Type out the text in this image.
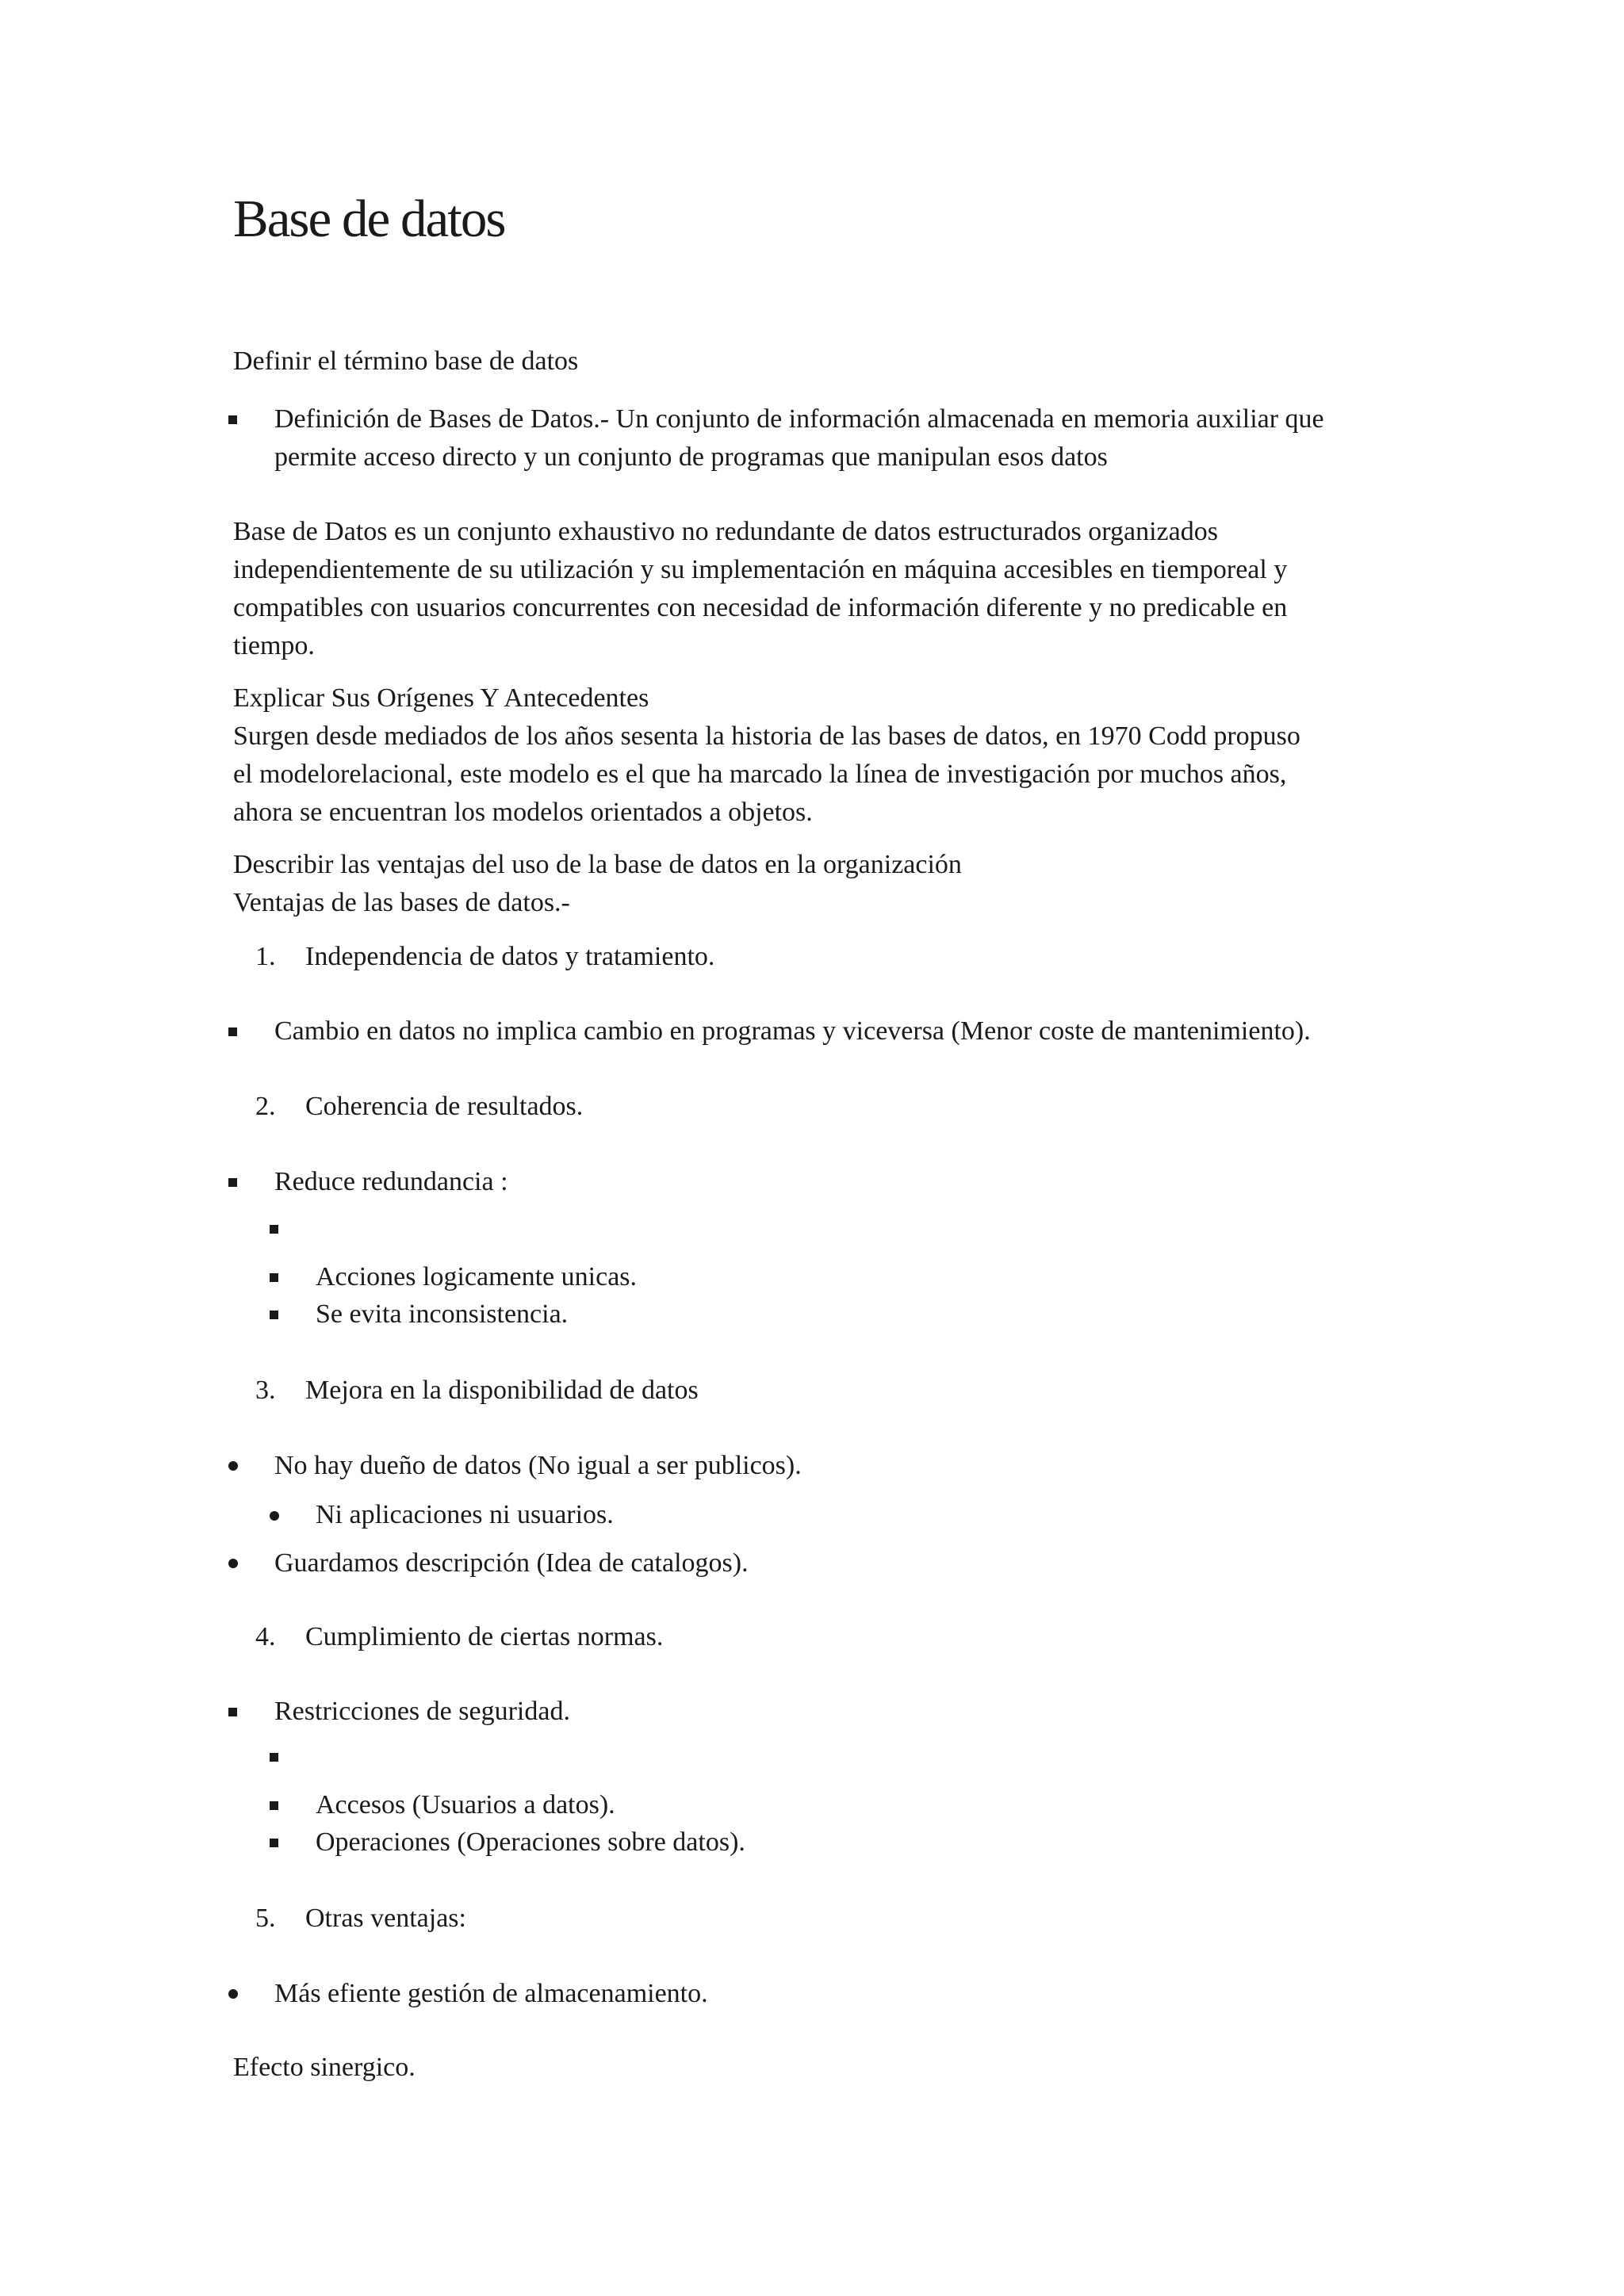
Base de datos

Definir el término base de datos

Definición de Bases de Datos.- Un conjunto de información almacenada en memoria auxiliar que
permite acceso directo y un conjunto de programas que manipulan esos datos
Base de Datos es un conjunto exhaustivo no redundante de datos estructurados organizados
independientemente de su utilización y su implementación en máquina accesibles en tiemporeal y
compatibles con usuarios concurrentes con necesidad de información diferente y no predicable en
tiempo.
Explicar Sus Orígenes Y Antecedentes
Surgen desde mediados de los años sesenta la historia de las bases de datos, en 1970 Codd propuso
el modelorelacional, este modelo es el que ha marcado la línea de investigación por muchos años,
ahora se encuentran los modelos orientados a objetos.
Describir las ventajas del uso de la base de datos en la organización
Ventajas de las bases de datos.-
1. Independencia de datos y tratamiento.
Cambio en datos no implica cambio en programas y viceversa (Menor coste de mantenimiento).
2. Coherencia de resultados.
Reduce redundancia :
Acciones logicamente unicas.
Se evita inconsistencia.
3. Mejora en la disponibilidad de datos
No hay dueño de datos (No igual a ser publicos).
Ni aplicaciones ni usuarios.
Guardamos descripción (Idea de catalogos).
4. Cumplimiento de ciertas normas.
Restricciones de seguridad.
Accesos (Usuarios a datos).
Operaciones (Operaciones sobre datos).
5. Otras ventajas:
Más efiente gestión de almacenamiento.

Efecto sinergico.
